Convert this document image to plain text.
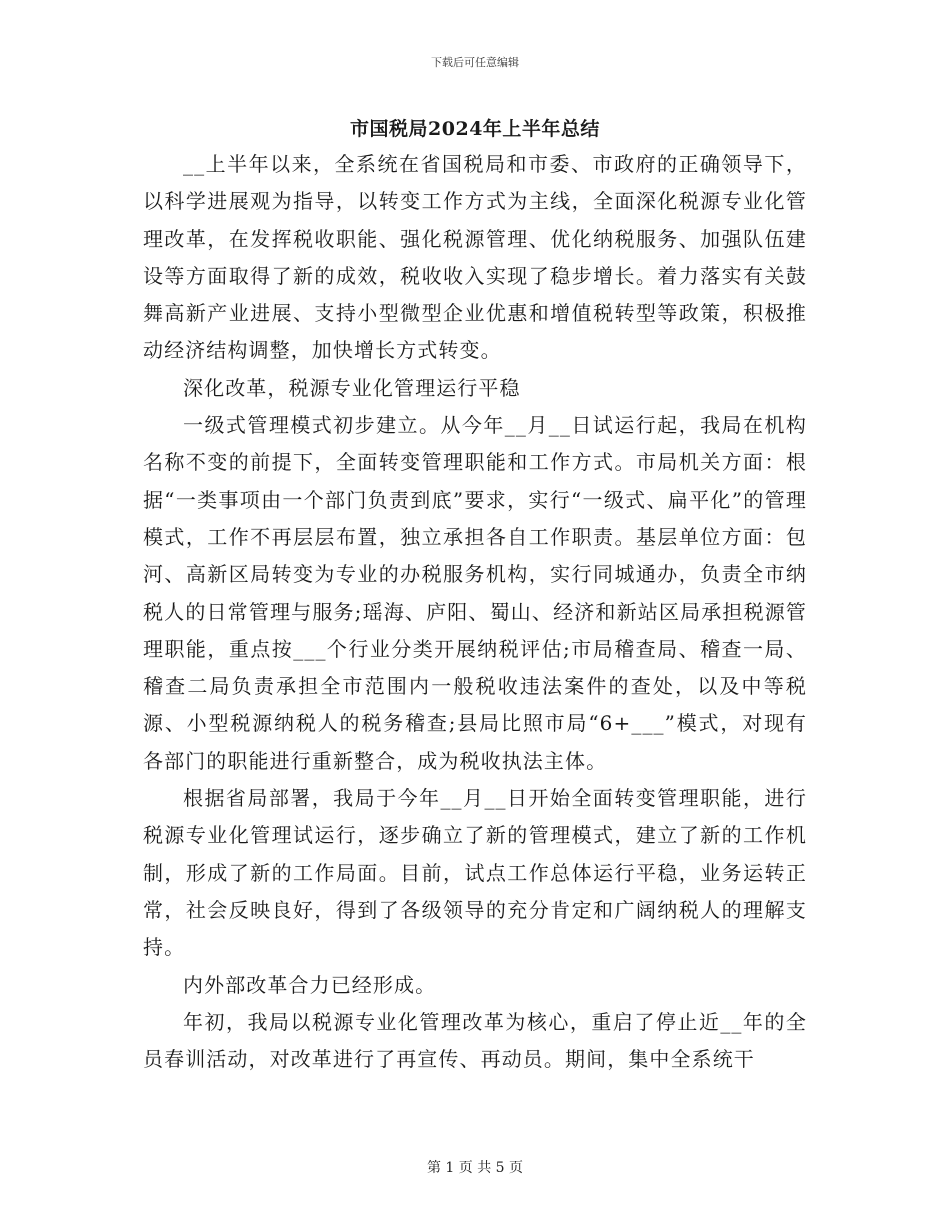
下载后可任意编辑
市国税局2024年上半年总结

__上半年以来，全系统在省国税局和市委、市政府的正确领导下，以科学进展观为指导，以转变工作方式为主线，全面深化税源专业化管理改革，在发挥税收职能、强化税源管理、优化纳税服务、加强队伍建设等方面取得了新的成效，税收收入实现了稳步增长。着力落实有关鼓舞高新产业进展、支持小型微型企业优惠和增值税转型等政策，积极推动经济结构调整，加快增长方式转变。

深化改革，税源专业化管理运行平稳

一级式管理模式初步建立。从今年__月__日试运行起，我局在机构名称不变的前提下，全面转变管理职能和工作方式。市局机关方面：根据“一类事项由一个部门负责到底”要求，实行“一级式、扁平化”的管理模式，工作不再层层布置，独立承担各自工作职责。基层单位方面：包河、高新区局转变为专业的办税服务机构，实行同城通办，负责全市纳税人的日常管理与服务;瑶海、庐阳、蜀山、经济和新站区局承担税源管理职能，重点按___个行业分类开展纳税评估;市局稽查局、稽查一局、稽查二局负责承担全市范围内一般税收违法案件的查处，以及中等税源、小型税源纳税人的税务稽查;县局比照市局“6+___”模式，对现有各部门的职能进行重新整合，成为税收执法主体。

根据省局部署，我局于今年__月__日开始全面转变管理职能，进行税源专业化管理试运行，逐步确立了新的管理模式，建立了新的工作机制，形成了新的工作局面。目前，试点工作总体运行平稳，业务运转正常，社会反映良好，得到了各级领导的充分肯定和广阔纳税人的理解支持。

内外部改革合力已经形成。

年初，我局以税源专业化管理改革为核心，重启了停止近__年的全员春训活动，对改革进行了再宣传、再动员。期间，集中全系统干

第 1 页 共 5 页
